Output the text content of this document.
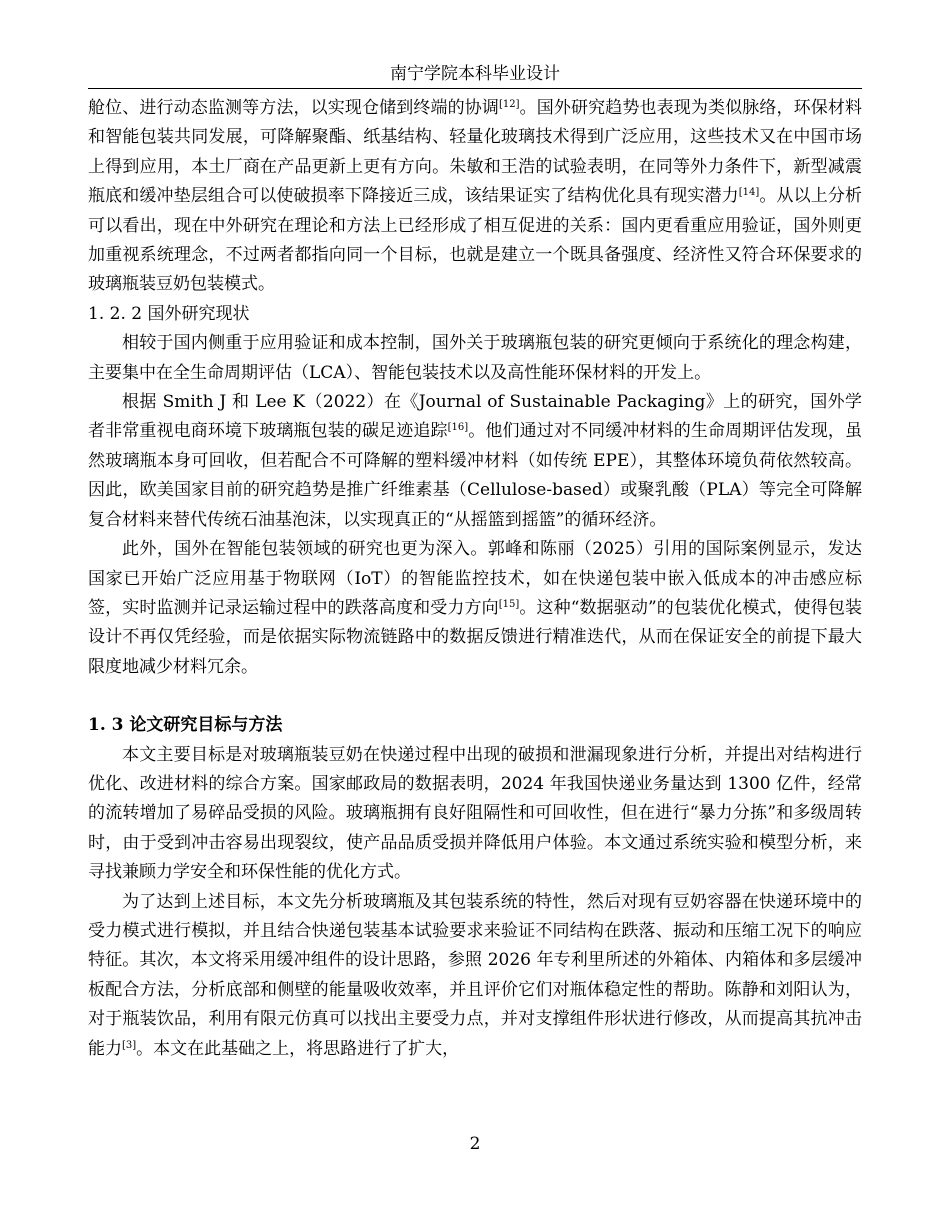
南宁学院本科毕业设计

舱位、进行动态监测等方法，以实现仓储到终端的协调[12]。国外研究趋势也表现为类似脉络，环保材料和智能包装共同发展，可降解聚酯、纸基结构、轻量化玻璃技术得到广泛应用，这些技术又在中国市场上得到应用，本土厂商在产品更新上更有方向。朱敏和王浩的试验表明，在同等外力条件下，新型减震瓶底和缓冲垫层组合可以使破损率下降接近三成，该结果证实了结构优化具有现实潜力[14]。从以上分析可以看出，现在中外研究在理论和方法上已经形成了相互促进的关系：国内更看重应用验证，国外则更加重视系统理念，不过两者都指向同一个目标，也就是建立一个既具备强度、经济性又符合环保要求的玻璃瓶装豆奶包装模式。

1. 2. 2 国外研究现状

相较于国内侧重于应用验证和成本控制，国外关于玻璃瓶包装的研究更倾向于系统化的理念构建，主要集中在全生命周期评估（LCA）、智能包装技术以及高性能环保材料的开发上。

根据 Smith J 和 Lee K（2022）在《Journal of Sustainable Packaging》上的研究，国外学者非常重视电商环境下玻璃瓶包装的碳足迹追踪[16]。他们通过对不同缓冲材料的生命周期评估发现，虽然玻璃瓶本身可回收，但若配合不可降解的塑料缓冲材料（如传统 EPE），其整体环境负荷依然较高。因此，欧美国家目前的研究趋势是推广纤维素基（Cellulose-based）或聚乳酸（PLA）等完全可降解复合材料来替代传统石油基泡沫，以实现真正的“从摇篮到摇篮”的循环经济。

此外，国外在智能包装领域的研究也更为深入。郭峰和陈丽（2025）引用的国际案例显示，发达国家已开始广泛应用基于物联网（IoT）的智能监控技术，如在快递包装中嵌入低成本的冲击感应标签，实时监测并记录运输过程中的跌落高度和受力方向[15]。这种“数据驱动”的包装优化模式，使得包装设计不再仅凭经验，而是依据实际物流链路中的数据反馈进行精准迭代，从而在保证安全的前提下最大限度地减少材料冗余。

1. 3 论文研究目标与方法

本文主要目标是对玻璃瓶装豆奶在快递过程中出现的破损和泄漏现象进行分析，并提出对结构进行优化、改进材料的综合方案。国家邮政局的数据表明，2024 年我国快递业务量达到 1300 亿件，经常的流转增加了易碎品受损的风险。玻璃瓶拥有良好阻隔性和可回收性，但在进行“暴力分拣”和多级周转时，由于受到冲击容易出现裂纹，使产品品质受损并降低用户体验。本文通过系统实验和模型分析，来寻找兼顾力学安全和环保性能的优化方式。

为了达到上述目标，本文先分析玻璃瓶及其包装系统的特性，然后对现有豆奶容器在快递环境中的受力模式进行模拟，并且结合快递包装基本试验要求来验证不同结构在跌落、振动和压缩工况下的响应特征。其次，本文将采用缓冲组件的设计思路，参照 2026 年专利里所述的外箱体、内箱体和多层缓冲板配合方法，分析底部和侧壁的能量吸收效率，并且评价它们对瓶体稳定性的帮助。陈静和刘阳认为，对于瓶装饮品，利用有限元仿真可以找出主要受力点，并对支撑组件形状进行修改，从而提高其抗冲击能力[3]。本文在此基础之上，将思路进行了扩大，

2
